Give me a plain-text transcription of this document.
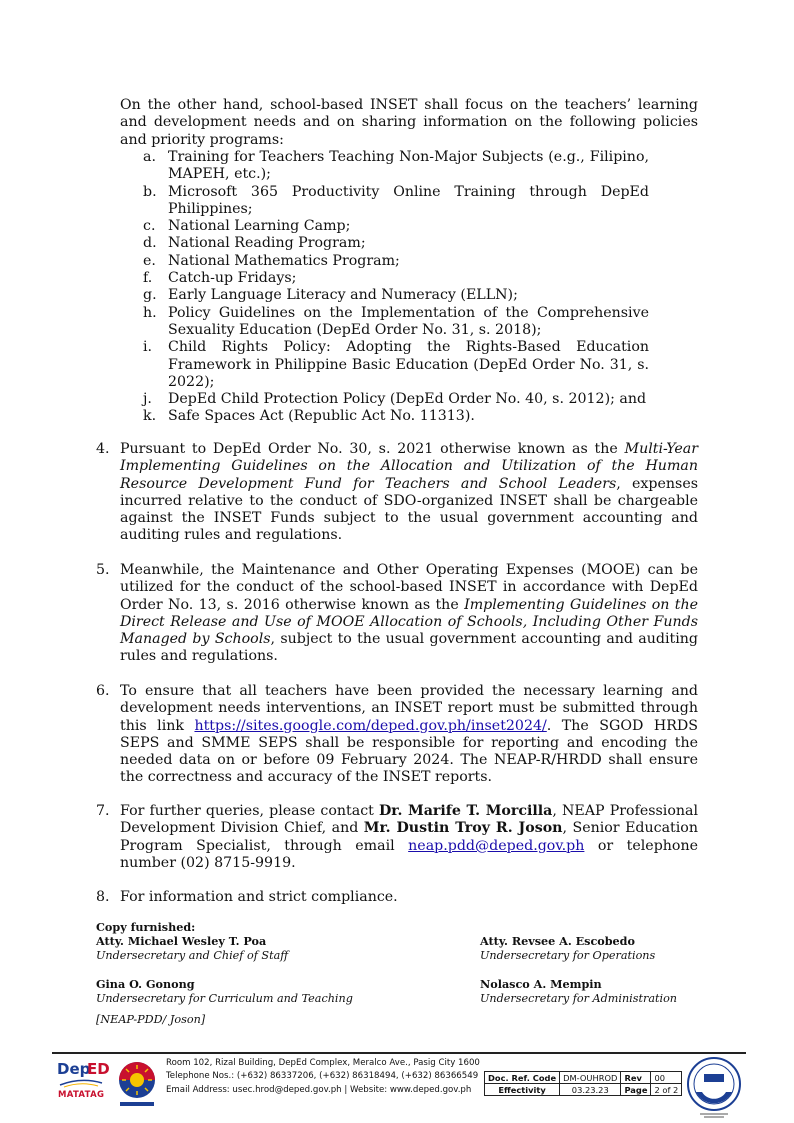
On the other hand, school-based INSET shall focus on the teachers’ learning and development needs and on sharing information on the following policies and priority programs:
a. Training for Teachers Teaching Non-Major Subjects (e.g., Filipino, MAPEH, etc.);
b. Microsoft 365 Productivity Online Training through DepEd Philippines;
c. National Learning Camp;
d. National Reading Program;
e. National Mathematics Program;
f. Catch-up Fridays;
g. Early Language Literacy and Numeracy (ELLN);
h. Policy Guidelines on the Implementation of the Comprehensive Sexuality Education (DepEd Order No. 31, s. 2018);
i. Child Rights Policy: Adopting the Rights-Based Education Framework in Philippine Basic Education (DepEd Order No. 31, s. 2022);
j. DepEd Child Protection Policy (DepEd Order No. 40, s. 2012); and
k. Safe Spaces Act (Republic Act No. 11313).
4. Pursuant to DepEd Order No. 30, s. 2021 otherwise known as the Multi-Year Implementing Guidelines on the Allocation and Utilization of the Human Resource Development Fund for Teachers and School Leaders, expenses incurred relative to the conduct of SDO-organized INSET shall be chargeable against the INSET Funds subject to the usual government accounting and auditing rules and regulations.
5. Meanwhile, the Maintenance and Other Operating Expenses (MOOE) can be utilized for the conduct of the school-based INSET in accordance with DepEd Order No. 13, s. 2016 otherwise known as the Implementing Guidelines on the Direct Release and Use of MOOE Allocation of Schools, Including Other Funds Managed by Schools, subject to the usual government accounting and auditing rules and regulations.
6. To ensure that all teachers have been provided the necessary learning and development needs interventions, an INSET report must be submitted through this link https://sites.google.com/deped.gov.ph/inset2024/. The SGOD HRDS SEPS and SMME SEPS shall be responsible for reporting and encoding the needed data on or before 09 February 2024. The NEAP-R/HRDD shall ensure the correctness and accuracy of the INSET reports.
7. For further queries, please contact Dr. Marife T. Morcilla, NEAP Professional Development Division Chief, and Mr. Dustin Troy R. Joson, Senior Education Program Specialist, through email neap.pdd@deped.gov.ph or telephone number (02) 8715-9919.
8. For information and strict compliance.
Copy furnished:
Atty. Michael Wesley T. Poa
Undersecretary and Chief of Staff
Atty. Revsee A. Escobedo
Undersecretary for Operations
Gina O. Gonong
Undersecretary for Curriculum and Teaching
Nolasco A. Mempin
Undersecretary for Administration
[NEAP-PDD/ Joson]
Dep
ED
MATATAG
Room 102, Rizal Building, DepEd Complex, Meralco Ave., Pasig City 1600
Telephone Nos.: (+632) 86337206, (+632) 86318494, (+632) 86366549
Email Address: usec.hrod@deped.gov.ph | Website: www.deped.gov.ph
Doc. Ref. Code	DM-OUHROD	Rev	00
Effectivity	03.23.23	Page	2 of 2
